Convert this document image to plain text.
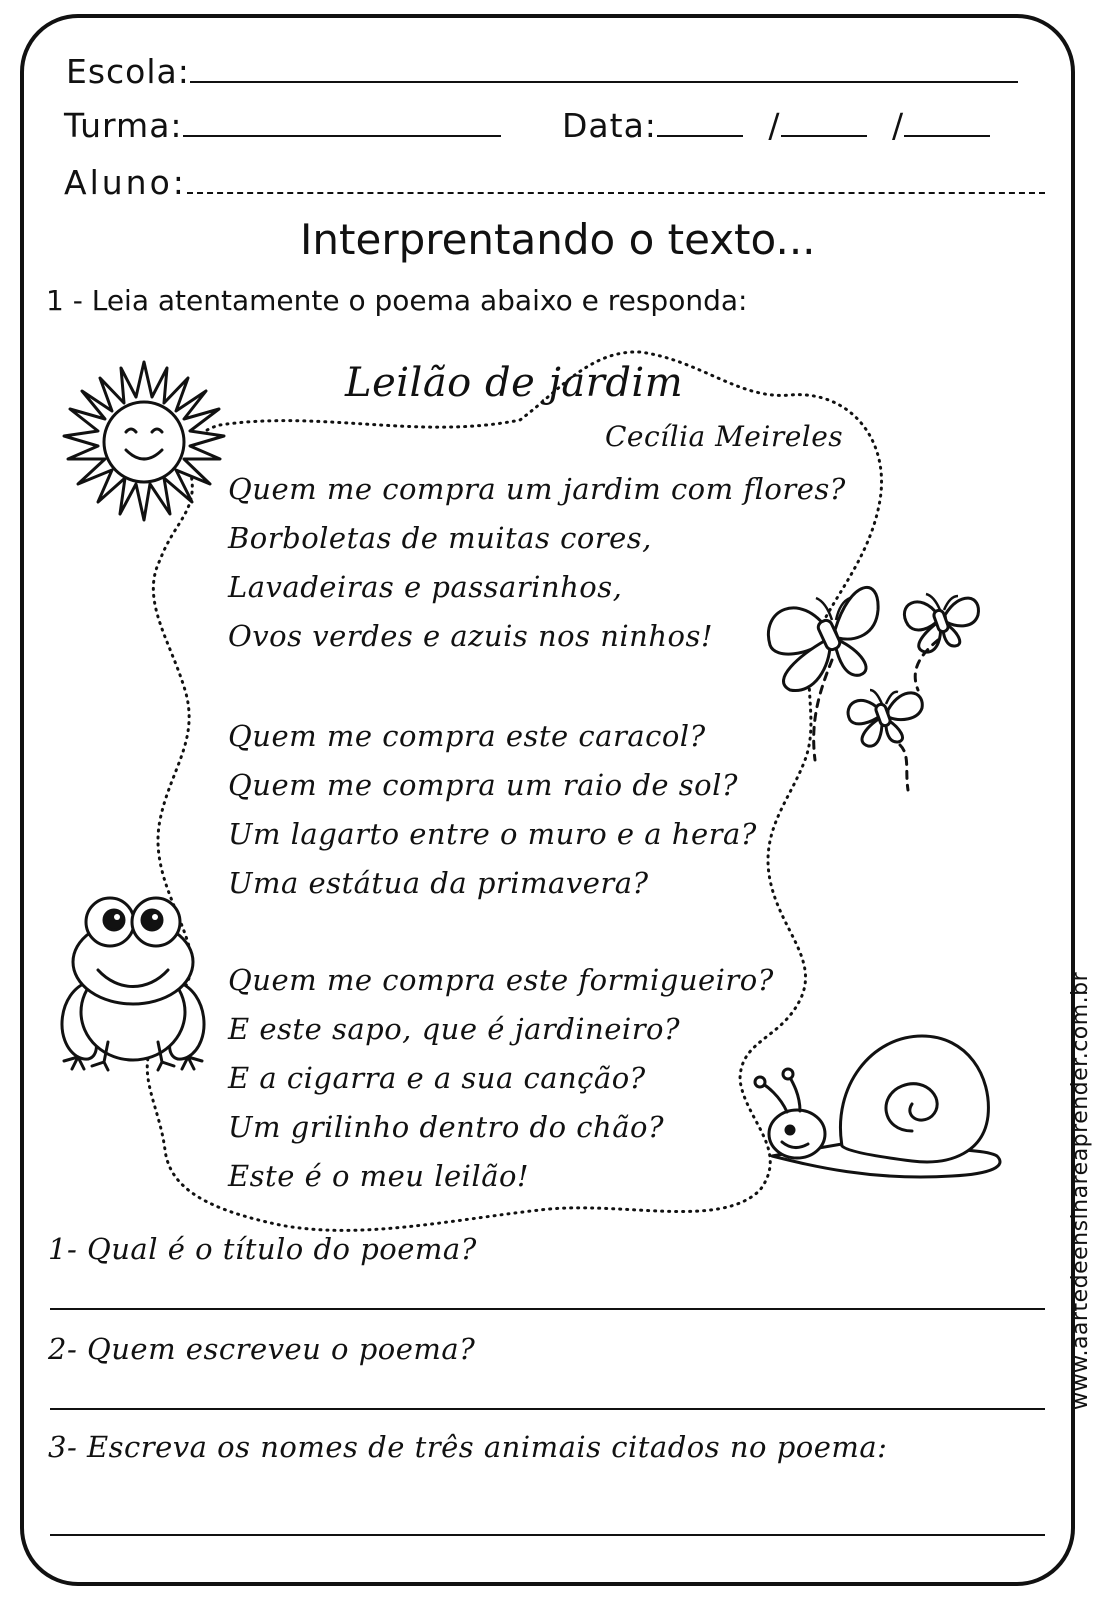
Escola:
Turma:	Data:	/	/
Aluno:
Interprentando o texto...
1 - Leia atentamente o poema abaixo e responda:
Leilão de jardim
Cecília Meireles
Quem me compra um jardim com flores?
Borboletas de muitas cores,
Lavadeiras e passarinhos,
Ovos verdes e azuis nos ninhos!
Quem me compra este caracol?
Quem me compra um raio de sol?
Um lagarto entre o muro e a hera?
Uma estátua da primavera?
Quem me compra este formigueiro?
E este sapo, que é jardineiro?
E a cigarra e a sua canção?
Um grilinho dentro do chão?
Este é o meu leilão!
1- Qual é o título do poema?
2- Quem escreveu o poema?
3- Escreva os nomes de três animais citados no poema:
www.aartedeensinareaprender.com.br
